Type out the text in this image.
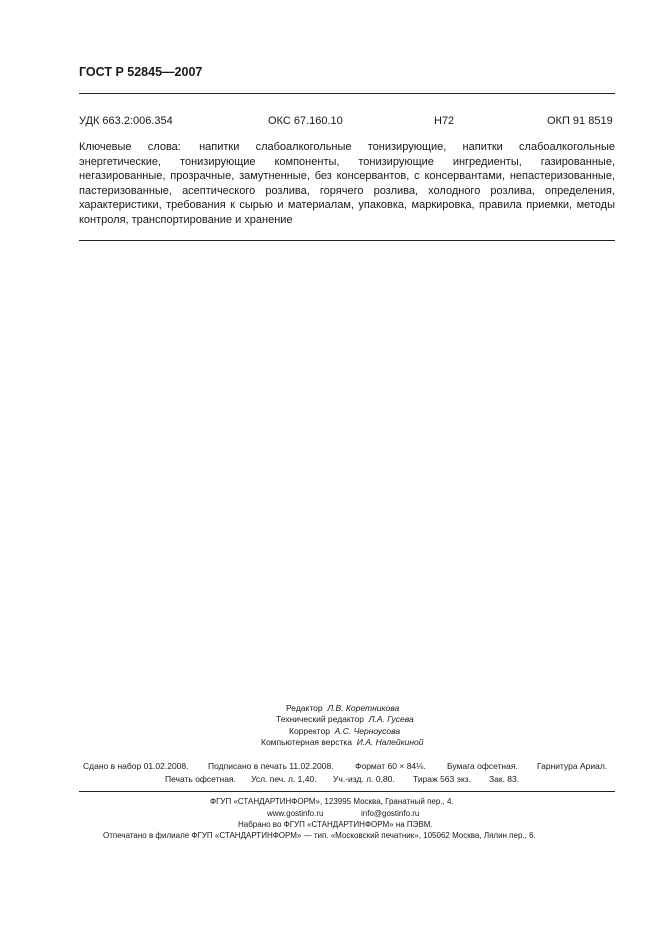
ГОСТ Р 52845—2007
УДК 663.2:006.354	ОКС 67.160.10	Н72	ОКП 91 8519
Ключевые слова: напитки слабоалкогольные тонизирующие, напитки слабоалкогольные энергетические, тонизирующие компоненты, тонизирующие ингредиенты, газированные, негазированные, прозрачные, замутненные, без консервантов, с консервантами, непастеризованные, пастеризованные, асептического розлива, горячего розлива, холодного розлива, определения, характеристики, требования к сырью и материалам, упаковка, маркировка, правила приемки, методы контроля, транспортирование и хранение
Редактор Л.В. Коретникова
Технический редактор Л.А. Гусева
Корректор А.С. Черноусова
Компьютерная верстка И.А. Налейкиной
Сдано в набор 01.02.2008. Подписано в печать 11.02.2008.	Формат 60 × 84⅛.	Бумага офсетная. Гарнитура Ариал.
Печать офсетная. Усл. печ. л. 1,40. Уч.-изд. л. 0,80. Тираж 563 экз. Зак. 83.
ФГУП «СТАНДАРТИНФОРМ», 123995 Москва, Гранатный пер., 4.
www.gostinfo.ru	info@gostinfo.ru
Набрано во ФГУП «СТАНДАРТИНФОРМ» на ПЭВМ.
Отпечатано в филиале ФГУП «СТАНДАРТИНФОРМ» — тип. «Московский печатник», 105062 Москва, Лялин пер., 6.
